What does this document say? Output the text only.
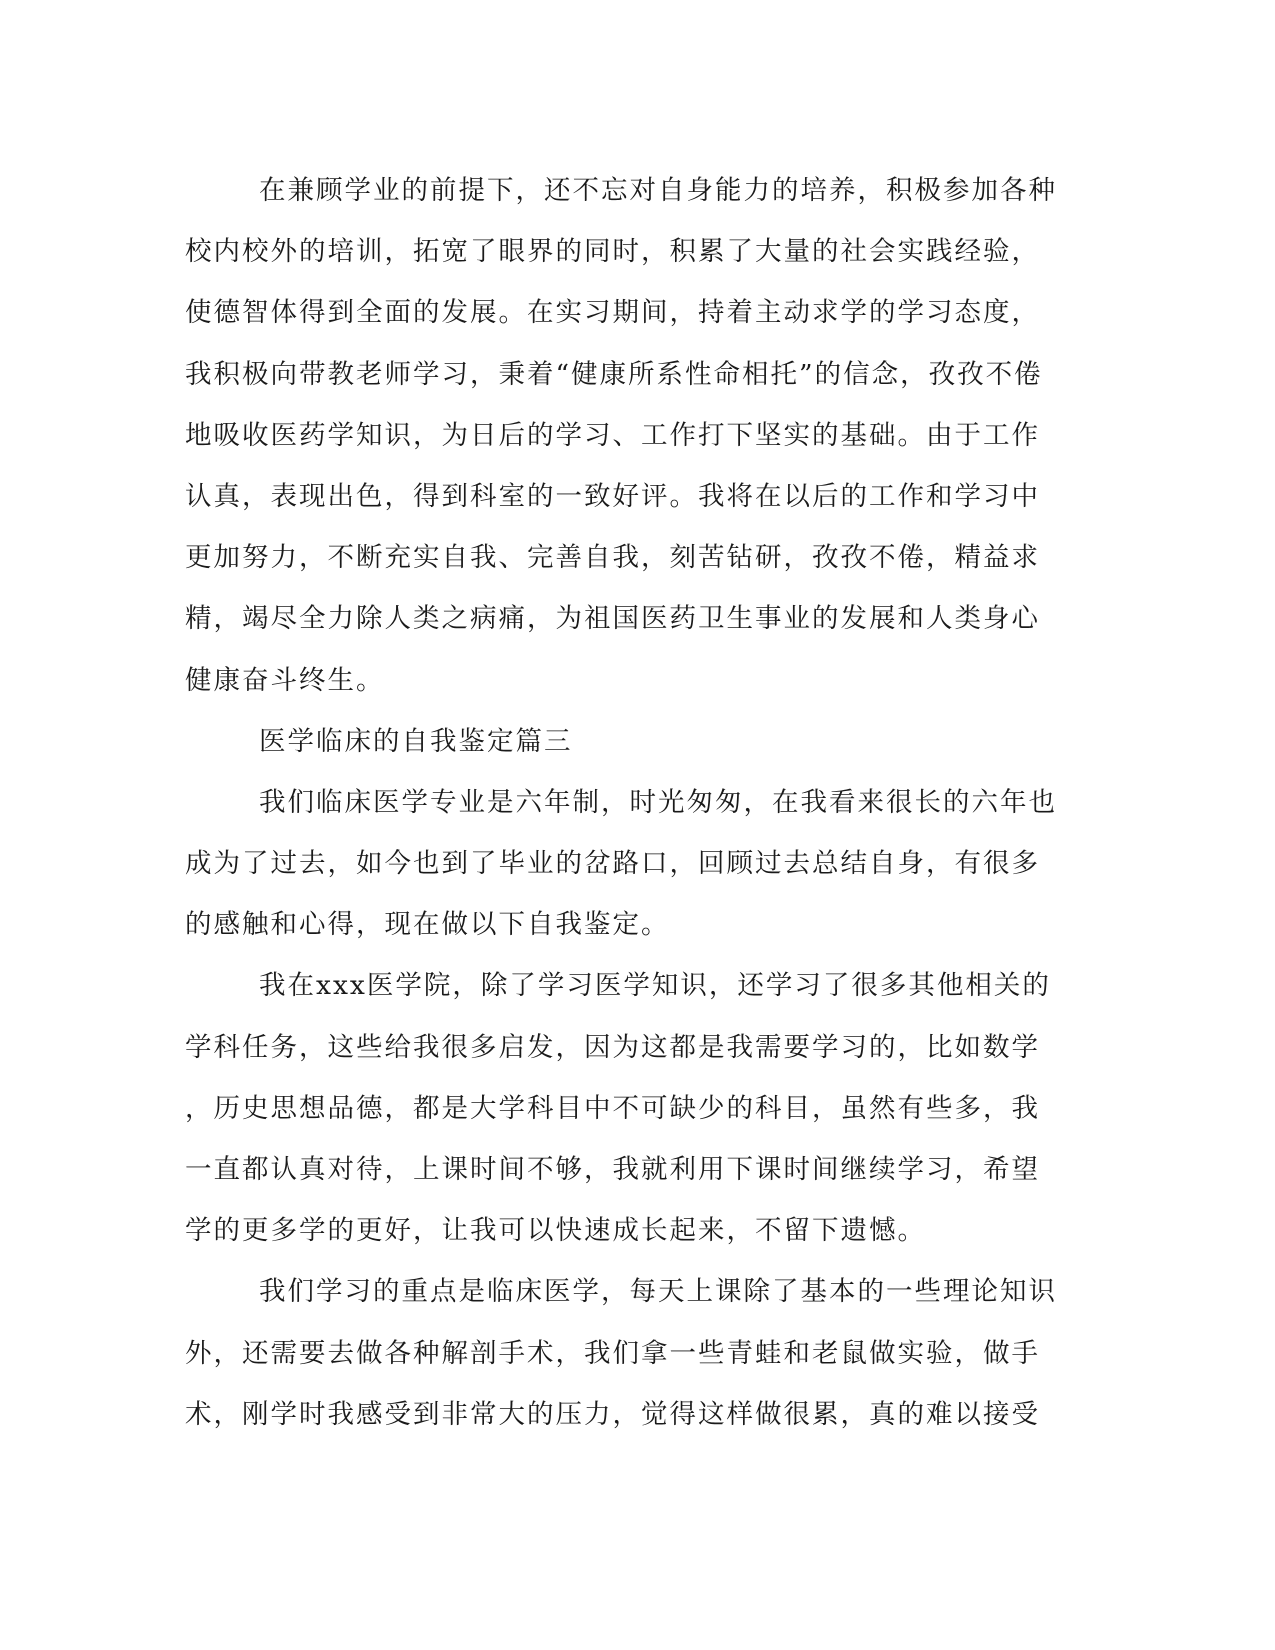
在兼顾学业的前提下，还不忘对自身能力的培养，积极参加各种
校内校外的培训，拓宽了眼界的同时，积累了大量的社会实践经验，
使德智体得到全面的发展。在实习期间，持着主动求学的学习态度，
我积极向带教老师学习，秉着“健康所系性命相托”的信念，孜孜不倦
地吸收医药学知识，为日后的学习、工作打下坚实的基础。由于工作
认真，表现出色，得到科室的一致好评。我将在以后的工作和学习中
更加努力，不断充实自我、完善自我，刻苦钻研，孜孜不倦，精益求
精，竭尽全力除人类之病痛，为祖国医药卫生事业的发展和人类身心
健康奋斗终生。
医学临床的自我鉴定篇三
我们临床医学专业是六年制，时光匆匆，在我看来很长的六年也
成为了过去，如今也到了毕业的岔路口，回顾过去总结自身，有很多
的感触和心得，现在做以下自我鉴定。
我在xxx医学院，除了学习医学知识，还学习了很多其他相关的
学科任务，这些给我很多启发，因为这都是我需要学习的，比如数学
，历史思想品德，都是大学科目中不可缺少的科目，虽然有些多，我
一直都认真对待，上课时间不够，我就利用下课时间继续学习，希望
学的更多学的更好，让我可以快速成长起来，不留下遗憾。
我们学习的重点是临床医学，每天上课除了基本的一些理论知识
外，还需要去做各种解剖手术，我们拿一些青蛙和老鼠做实验，做手
术，刚学时我感受到非常大的压力，觉得这样做很累，真的难以接受
